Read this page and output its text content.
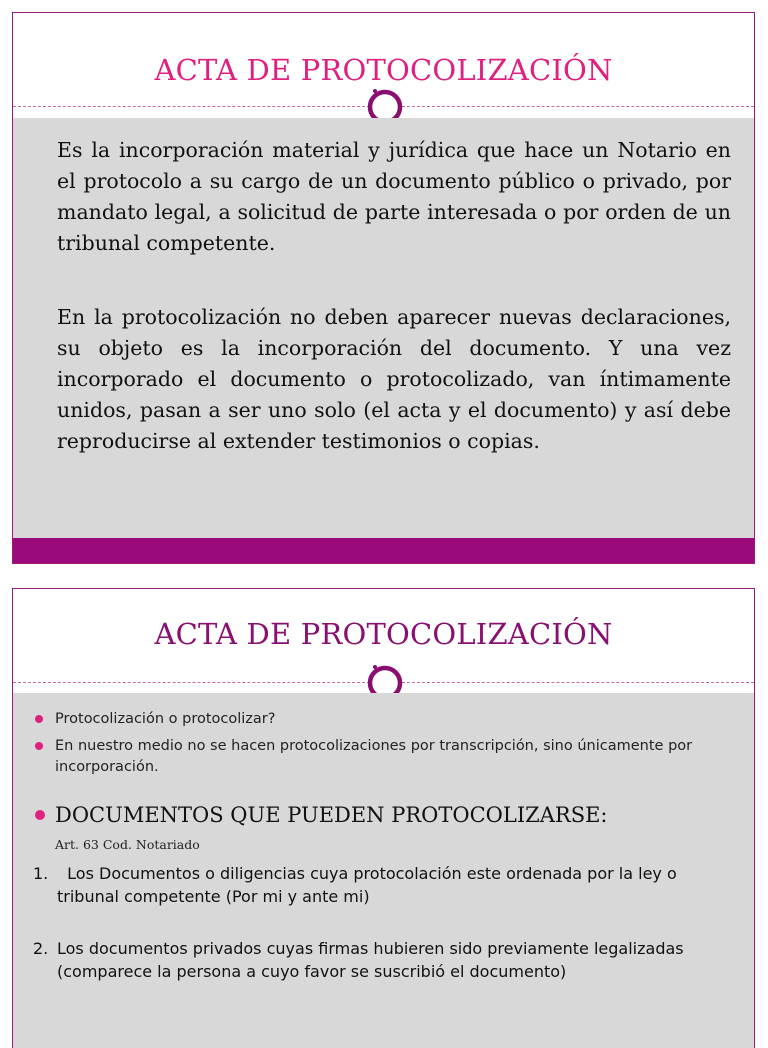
ACTA DE PROTOCOLIZACIÓN

Es la incorporación material y jurídica que hace un Notario en el protocolo a su cargo de un documento público o privado, por mandato legal, a solicitud de parte interesada o por orden de un tribunal competente.

En la protocolización no deben aparecer nuevas declaraciones, su objeto es la incorporación del documento. Y una vez incorporado el documento o protocolizado, van íntimamente unidos, pasan a ser uno solo (el acta y el documento) y así debe reproducirse al extender testimonios o copias.

ACTA DE PROTOCOLIZACIÓN
Protocolización o protocolizar?
En nuestro medio no se hacen protocolizaciones por transcripción, sino únicamente por incorporación.
DOCUMENTOS QUE PUEDEN PROTOCOLIZARSE:
Art. 63 Cod. Notariado
1. Los Documentos o diligencias cuya protocolación este ordenada por la ley o tribunal competente (Por mi y ante mi)
2. Los documentos privados cuyas firmas hubieren sido previamente legalizadas (comparece la persona a cuyo favor se suscribió el documento)
